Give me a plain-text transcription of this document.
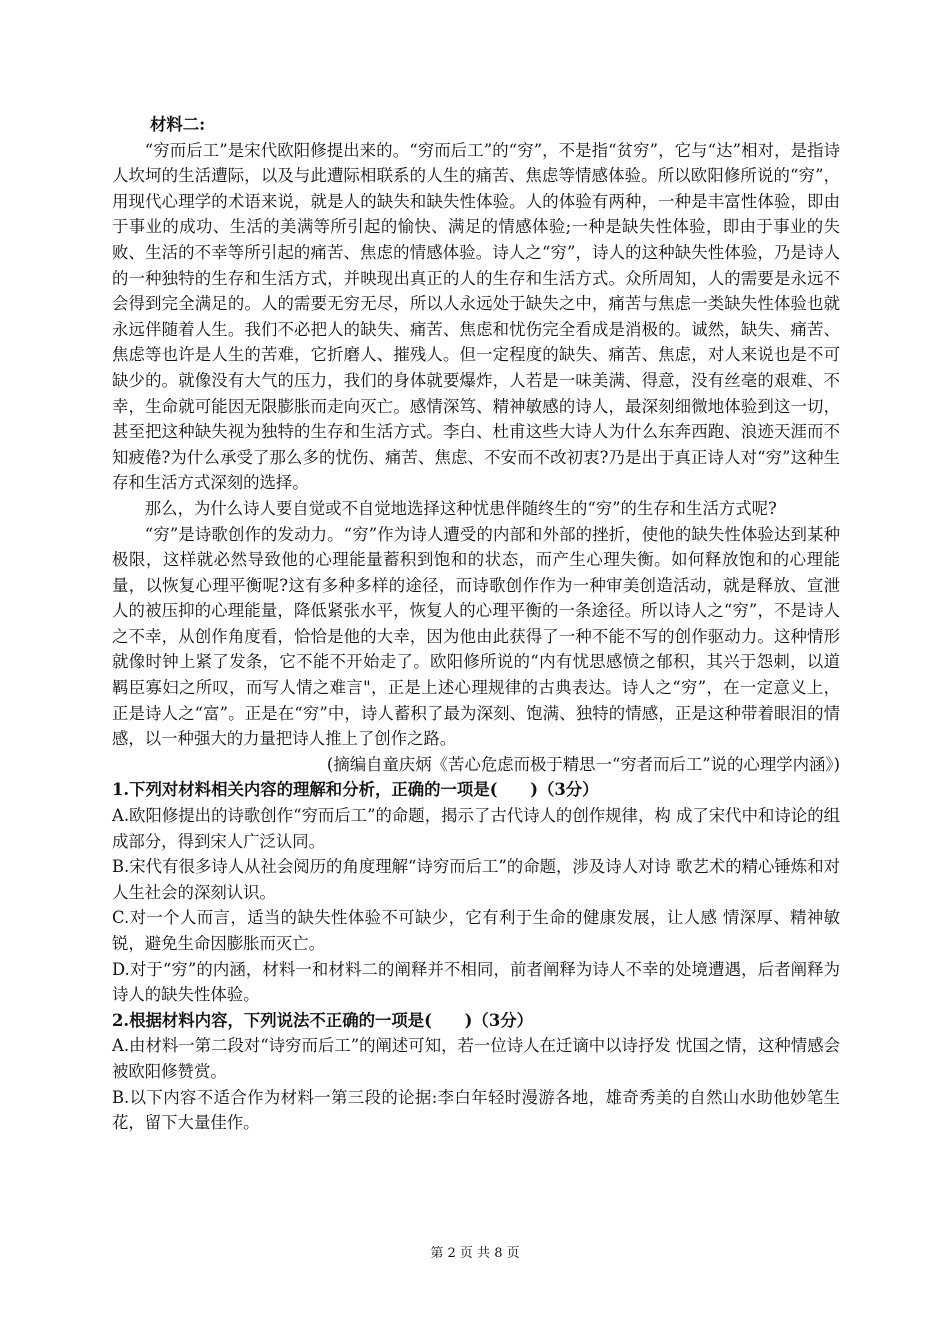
材料二:

“穷而后工”是宋代欧阳修提出来的。“穷而后工”的“穷”，不是指“贫穷”，它与“达”相对，是指诗人坎坷的生活遭际，以及与此遭际相联系的人生的痛苦、焦虑等情感体验。所以欧阳修所说的“穷”，用现代心理学的术语来说，就是人的缺失和缺失性体验。人的体验有两种，一种是丰富性体验，即由于事业的成功、生活的美满等所引起的愉快、满足的情感体验;一种是缺失性体验，即由于事业的失败、生活的不幸等所引起的痛苦、焦虑的情感体验。诗人之“穷”，诗人的这种缺失性体验，乃是诗人的一种独特的生存和生活方式，并映现出真正的人的生存和生活方式。众所周知，人的需要是永远不会得到完全满足的。人的需要无穷无尽，所以人永远处于缺失之中，痛苦与焦虑一类缺失性体验也就永远伴随着人生。我们不必把人的缺失、痛苦、焦虑和忧伤完全看成是消极的。诚然，缺失、痛苦、焦虑等也许是人生的苦难，它折磨人、摧残人。但一定程度的缺失、痛苦、焦虑，对人来说也是不可缺少的。就像没有大气的压力，我们的身体就要爆炸，人若是一味美满、得意，没有丝毫的艰难、不幸，生命就可能因无限膨胀而走向灭亡。感情深笃、精神敏感的诗人，最深刻细微地体验到这一切，甚至把这种缺失视为独特的生存和生活方式。李白、杜甫这些大诗人为什么东奔西跑、浪迹天涯而不知疲倦?为什么承受了那么多的忧伤、痛苦、焦虑、不安而不改初衷?乃是出于真正诗人对“穷”这种生存和生活方式深刻的选择。

那么，为什么诗人要自觉或不自觉地选择这种忧患伴随终生的“穷”的生存和生活方式呢?

“穷”是诗歌创作的发动力。“穷”作为诗人遭受的内部和外部的挫折，使他的缺失性体验达到某种极限，这样就必然导致他的心理能量蓄积到饱和的状态，而产生心理失衡。如何释放饱和的心理能量，以恢复心理平衡呢?这有多种多样的途径，而诗歌创作作为一种审美创造活动，就是释放、宣泄人的被压抑的心理能量，降低紧张水平，恢复人的心理平衡的一条途径。所以诗人之“穷”，不是诗人之不幸，从创作角度看，恰恰是他的大幸，因为他由此获得了一种不能不写的创作驱动力。这种情形就像时钟上紧了发条，它不能不开始走了。欧阳修所说的“内有忧思感愤之郁积，其兴于怨刺，以道羁臣寡妇之所叹，而写人情之难言"，正是上述心理规律的古典表达。诗人之“穷”，在一定意义上，正是诗人之“富”。正是在“穷”中，诗人蓄积了最为深刻、饱满、独特的情感，正是这种带着眼泪的情感，以一种强大的力量把诗人推上了创作之路。

(摘编自童庆炳《苦心危虑而极于精思一“穷者而后工”说的心理学内涵》)

1.下列对材料相关内容的理解和分析，正确的一项是(　　)（3分）

A.欧阳修提出的诗歌创作“穷而后工”的命题，揭示了古代诗人的创作规律，构 成了宋代中和诗论的组成部分，得到宋人广泛认同。

B.宋代有很多诗人从社会阅历的角度理解“诗穷而后工”的命题，涉及诗人对诗 歌艺术的精心锤炼和对人生社会的深刻认识。

C.对一个人而言，适当的缺失性体验不可缺少，它有利于生命的健康发展，让人感 情深厚、精神敏锐，避免生命因膨胀而灭亡。

D.对于“穷”的内涵，材料一和材料二的阐释并不相同，前者阐释为诗人不幸的处境遭遇，后者阐释为诗人的缺失性体验。

2.根据材料内容，下列说法不正确的一项是(　　)（3分）

A.由材料一第二段对“诗穷而后工”的阐述可知，若一位诗人在迁谪中以诗抒发 忧国之情，这种情感会被欧阳修赞赏。

B.以下内容不适合作为材料一第三段的论据:李白年轻时漫游各地，雄奇秀美的自然山水助他妙笔生花，留下大量佳作。

第 2 页 共 8 页
